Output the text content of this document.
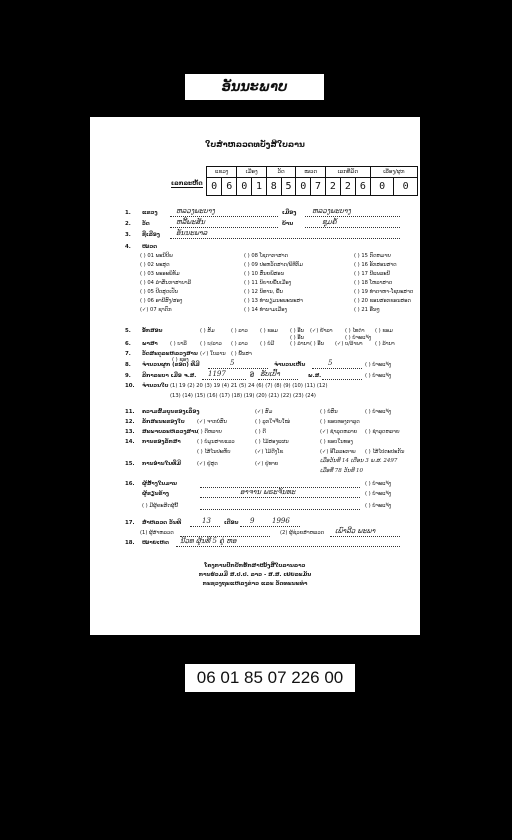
ອັນນະພາບ
ໃບສຳຫລວດທບັງສີໃບລານ
ເລກລະຫັດ
ແຂວງ		ເມືອງ		ວັດ		ໝວດ		ເລກທີ່ມັດ			ເລືອງ/ຜູກ	
0	6	0	1	8	5	0	7	2	2	6	0	0
1. ແຂວງ	ຫລວງພະບາງ	ເມືອງ ຫລວງພະບາງ
2. ວັດ	ຫລີ້ພະສັນ	ບ້ານ	ຊຸມຄໍ້
3. ຊື່ເລືອງ ອັນນະພາລ
4. ໝວດ
( ) 01 ພະນີປິພ
( ) 02 ພະສູດ
( ) 03 ພະອະພິທັມ
( ) 04 ລຳສັນກາສາບາລີ
( ) 05 ປີດສູດເປັນ
( ) 06 ອານີສົງ/ສອງ
(✓) 07 ຊາດົກ
( ) 08 ໂຊດາກາສາດ
( ) 09 ປະຫວັດສາດ/ພິທີກັມ
( ) 10 ສົ່ນຍພິສອນ
( ) 11 ນິຍາຍພື້ນເມືອງ
( ) 12 ນິທານ, ພື້ນ
( ) 13 ທຳນຽມນະພະນະສາ
( ) 14 ທຳນາມເມືອງ
( ) 15 ກົດຫມາຍ
( ) 16 ອັກສອນສາດ
( ) 17 ນີແພລະນີ
( ) 18 ໂຫລາສາດ
( ) 19 ທຳດາຫາ-ໂຊບະສາດ
( ) 20 ຂອນສອກຂອນສອດ
( ) 21 ອື່ນໆ
5. ອັກສອນ	( ) ສັມ	( ) ລາວ ( ) ຂອມ ( ) ອື່ນ (✓) ຢ້າລາ ( ) ໄທດຳ ( ) ຂອມ
( ) ອື່ນ	( ) ບໍ່ຈະແຈ້ງ
6. ພາສາ ( ) ບາລີ	( ) ບ/ລາວ ( ) ລາວ ( ) ບໍ່ມີ	( ) ລຳນາ ( ) ອື່ນ (✓) ບ/ລ້າພາ ( ) ລ້ານາ
7. ວັດສະດຸລະຫລວງສານ
( ) ຊອງ
(✓) ໃບລານ ( ) ພື້ນສາ
8. ຈຳນວນຜູກ (ຂອດ) ທີ່ມີ	5	ຈຳນວນເຫັນ	5	( ) ບໍ່ຈະແຈ້ງ
9. ລີກາລະບາ ເມື່ອ ຈ.ສ. 1197	ປີ ຮັບເປົ້າ	ພ.ສ.	( ) ບໍ່ຈະແຈ້ງ
10. ຈຳນວນໃບ (1) 19 (2) 20 (3) 19 (4) 21 (5) 24 (6) (7) (8) (9) (10) (11) (12)
(13) (14) (15) (16) (17) (18) (19) (20) (21) (22) (23) (24)
11. ຄວາມສົມບູນຂອງເລຶ່ອງ	(✓) ສົມ	( ) ບໍ່ສົນ	( ) ບໍ່ຈະແຈ້ງ
12. ລັກສະນະຂອງໃບ (✓) ຈາກບໍ່ສົນ	( ) ລູກໃຈຈືບໃໝ່	( ) ຂອບທອງກາລູດ
13. ສະພາບລະຫລວງສານ
( ) ດີຫລາຍ	( ) ດີ	(✓) ຊຳລຸດຫລາຍ ( ) ຊຳລຸດຫລາຍ
14. ການຂອງລັກສາ	( ) ບໍ່ມູນສາຍແລວ	( ) ໄມ້ສອງແຜນ	( ) ຂອບໃນທອງ
( ) ໄສ້ໄນປະຫັບ	(✓) ໄມ້ດີງໂຂ	(✓) ອີໂລລະກາພ ( ) ໄສ້ໄປຕະປະກັນ
15. ການອ່ານໃນທີ່ມີ	(✓) ຢູ່ສຸດ	(✓) ຢູ່ທາຍ	ເມື່ອວັນທີ 14 ເດືອນ 3 ພ.ສ. 2497
ເມື່ອທີ່ 78 ວັນທີ 10
16. ຜູ້ສ້າງໃນມານ	( ) ບໍ່ຈະແຈ້ງ
ຜູ້ຂຽນຂ້າງ	ອາຈານ ພຣະຈັນທະ	( ) ບໍ່ຈະແຈ້ງ
( ) ມີຜູ້ຄະສິດຜູ້ນີ້	( ) ບໍ່ຈະແຈ້ງ
17. ສຳຫລວດ ວັນທີ	13 ເດືອນ 9	1996
(1) ຜູ້ສຳຫລວດ	(2) ຜູ້ຊ່ວຍສຳຫລວດ ເພົາລີວ ພະພາ
18. ໝາຍເຫດ ນີວທ ຜູ້ນທີ 5 ຄູ່ ຫອ
ໂຄງການປົກປັກຮັກສາໜັງສືໃບລານລາວ
ການຮ່ວມມື ສ.ປ.ປ. ລາວ - ສ.ສ. ເຢຍລະມັນ
ກະຊວງຖະແຫລງຂ່າວ ແລະ ວັດທະນະທຳ
06 01 85 07 226 00
